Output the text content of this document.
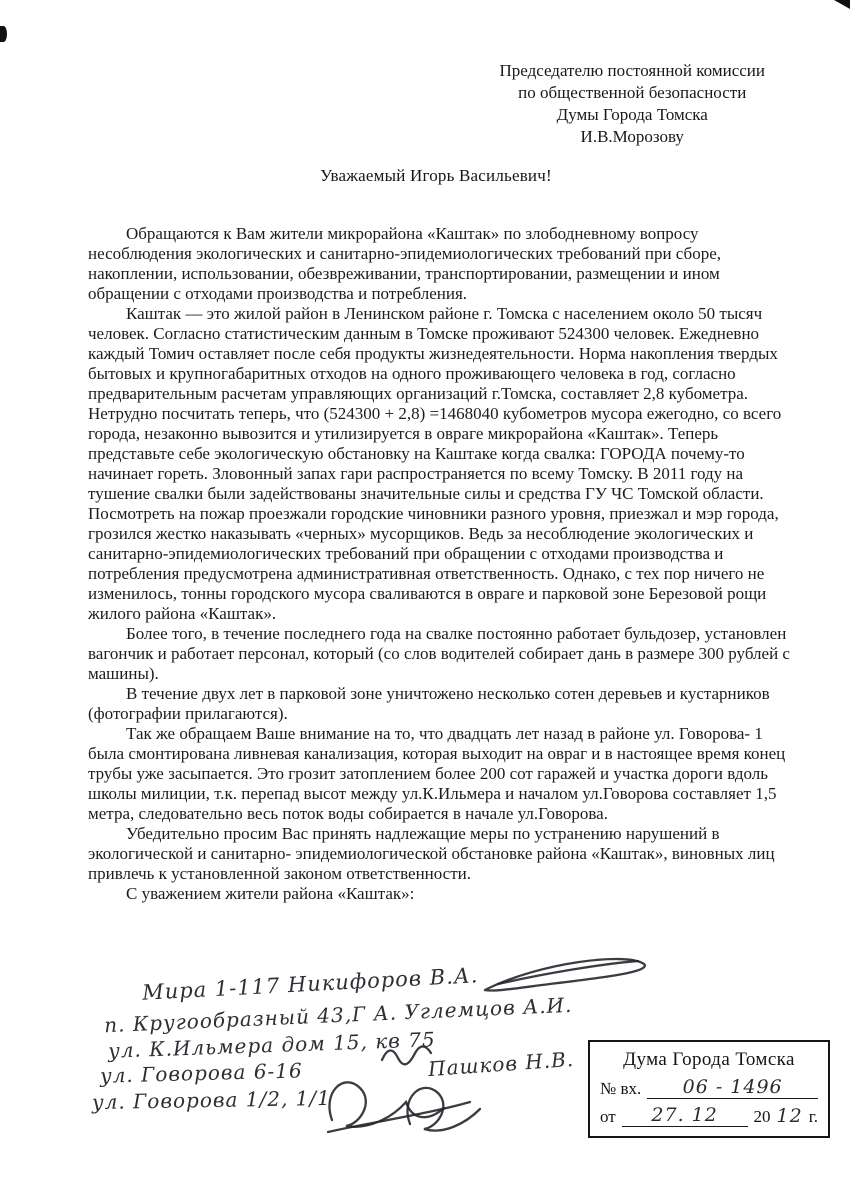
Председателю постоянной комиссии
по общественной безопасности
Думы Города Томска
И.В.Морозову
Уважаемый Игорь Васильевич!

Обращаются к Вам жители микрорайона «Каштак» по злободневному вопросу несоблюдения экологических и санитарно-эпидемиологических требований при сборе, накоплении, использовании, обезвреживании, транспортировании, размещении и ином обращении с отходами производства и потребления.

Каштак — это жилой район в Ленинском районе г. Томска с населением около 50 тысяч человек. Согласно статистическим данным в Томске проживают 524300 человек. Ежедневно каждый Томич оставляет после себя продукты жизнедеятельности. Норма накопления твердых бытовых и крупногабаритных отходов на одного проживающего человека в год, согласно предварительным расчетам управляющих организаций г.Томска, составляет 2,8 кубометра. Нетрудно посчитать теперь, что (524300 + 2,8) =1468040 кубометров мусора ежегодно, со всего города, незаконно вывозится и утилизируется в овраге микрорайона «Каштак». Теперь представьте себе экологическую обстановку на Каштаке когда свалка: ГОРОДА почему-то начинает гореть. Зловонный запах гари распространяется по всему Томску. В 2011 году на тушение свалки были задействованы значительные силы и средства ГУ ЧС Томской области. Посмотреть на пожар проезжали городские чиновники разного уровня, приезжал и мэр города, грозился жестко наказывать «черных» мусорщиков. Ведь за несоблюдение экологических и санитарно-эпидемиологических требований при обращении с отходами производства и потребления предусмотрена административная ответственность. Однако, с тех пор ничего не изменилось, тонны городского мусора сваливаются в овраге и парковой зоне Березовой рощи жилого района «Каштак».

Более того, в течение последнего года на свалке постоянно работает бульдозер, установлен вагончик и работает персонал, который (со слов водителей собирает дань в размере 300 рублей с машины).

В течение двух лет в парковой зоне уничтожено несколько сотен деревьев и кустарников (фотографии прилагаются).

Так же обращаем Ваше внимание на то, что двадцать лет назад в районе ул. Говорова- 1 была смонтирована ливневая канализация, которая выходит на овраг и в настоящее время конец трубы уже засыпается. Это грозит затоплением более 200 сот гаражей и участка дороги вдоль школы милиции, т.к. перепад высот между ул.К.Ильмера и началом ул.Говорова составляет 1,5 метра, следовательно весь поток воды собирается в начале ул.Говорова.

Убедительно просим Вас принять надлежащие меры по устранению нарушений в экологической и санитарно- эпидемиологической обстановке района «Каштак», виновных лиц привлечь к установленной законом ответственности.

С уважением жители района «Каштак»:

Мира 1-117 Никифоров В.А.
п. Кругообразный 43,Г А. Углемцов А.И.
ул. К.Ильмера дом 15, кв 75
ул. Говорова 6-16	Пашков Н.В.
ул. Говорова 1/2, 1/1
Дума Города Томска
№ вх.	06 - 1496
от	27. 12	20 12 г.
